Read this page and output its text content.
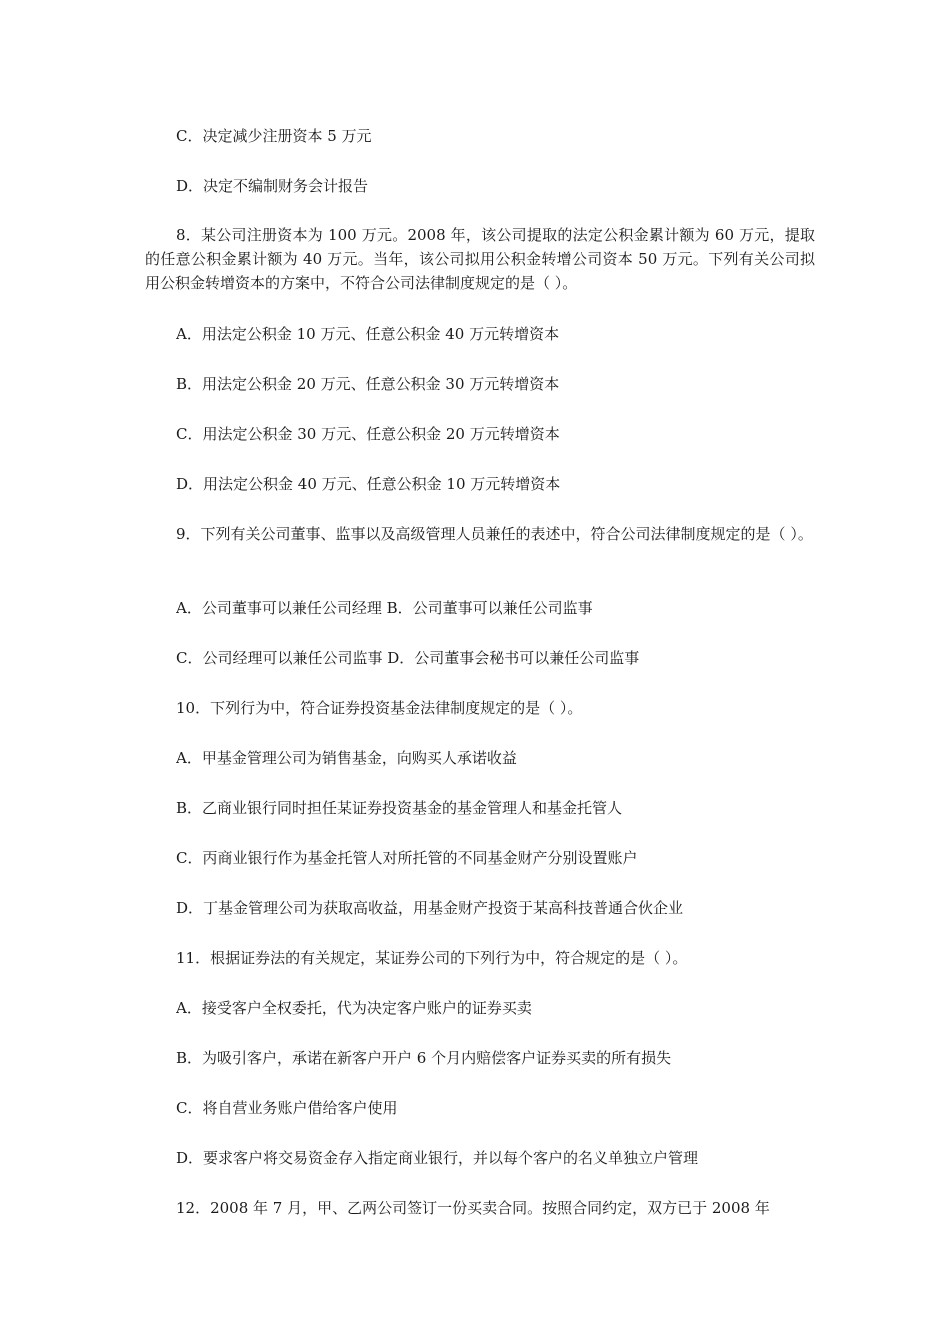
C．决定减少注册资本 5 万元
D．决定不编制财务会计报告

8．某公司注册资本为 100 万元。2008 年，该公司提取的法定公积金累计额为 60 万元，提取的任意公积金累计额为 40 万元。当年，该公司拟用公积金转增公司资本 50 万元。下列有关公司拟用公积金转增资本的方案中，不符合公司法律制度规定的是（ ）。

A．用法定公积金 10 万元、任意公积金 40 万元转增资本
B．用法定公积金 20 万元、任意公积金 30 万元转增资本
C．用法定公积金 30 万元、任意公积金 20 万元转增资本
D．用法定公积金 40 万元、任意公积金 10 万元转增资本

9．下列有关公司董事、监事以及高级管理人员兼任的表述中，符合公司法律制度规定的是（ ）。

A．公司董事可以兼任公司经理 B．公司董事可以兼任公司监事
C．公司经理可以兼任公司监事 D．公司董事会秘书可以兼任公司监事
10．下列行为中，符合证券投资基金法律制度规定的是（ ）。
A．甲基金管理公司为销售基金，向购买人承诺收益
B．乙商业银行同时担任某证券投资基金的基金管理人和基金托管人
C．丙商业银行作为基金托管人对所托管的不同基金财产分别设置账户
D．丁基金管理公司为获取高收益，用基金财产投资于某高科技普通合伙企业
11．根据证券法的有关规定，某证券公司的下列行为中，符合规定的是（ ）。
A．接受客户全权委托，代为决定客户账户的证券买卖
B．为吸引客户，承诺在新客户开户 6 个月内赔偿客户证券买卖的所有损失
C．将自营业务账户借给客户使用
D．要求客户将交易资金存入指定商业银行，并以每个客户的名义单独立户管理
12．2008 年 7 月，甲、乙两公司签订一份买卖合同。按照合同约定，双方已于 2008 年
